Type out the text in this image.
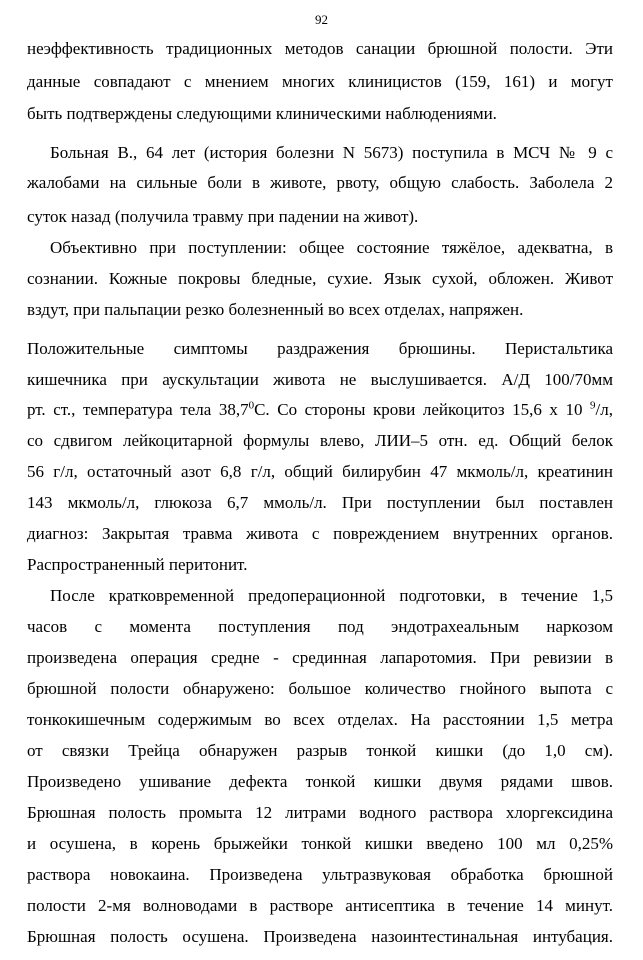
92
неэффективность традиционных методов санации брюшной полости. Эти
данные совпадают с мнением многих клиницистов (159, 161) и могут
быть подтверждены следующими клиническими наблюдениями.
Больная В., 64 лет (история болезни N 5673) поступила в МСЧ № 9 с
жалобами на сильные боли в животе, рвоту, общую слабость. Заболела 2
суток назад (получила травму при падении на живот).
Объективно при поступлении: общее состояние тяжёлое, адекватна, в
сознании. Кожные покровы бледные, сухие. Язык сухой, обложен. Живот
вздут, при пальпации резко болезненный во всех отделах, напряжен.
Положительные симптомы раздражения брюшины. Перистальтика
кишечника при аускультации живота не выслушивается. А/Д 100/70мм
рт. ст., температура тела 38,7$^0$С. Со стороны крови лейкоцитоз 15,6 х 10 $^9$/л,
со сдвигом лейкоцитарной формулы влево, ЛИИ–5 отн. ед. Общий белок
56 г/л, остаточный азот 6,8 г/л, общий билирубин 47 мкмоль/л, креатинин
143 мкмоль/л, глюкоза 6,7 ммоль/л. При поступлении был поставлен
диагноз: Закрытая травма живота с повреждением внутренних органов.
Распространенный перитонит.
После кратковременной предоперационной подготовки, в течение 1,5
часов с момента поступления под эндотрахеальным наркозом
произведена операция средне - срединная лапаротомия. При ревизии в
брюшной полости обнаружено: большое количество гнойного выпота с
тонкокишечным содержимым во всех отделах. На расстоянии 1,5 метра
от связки Трейца обнаружен разрыв тонкой кишки (до 1,0 см).
Произведено ушивание дефекта тонкой кишки двумя рядами швов.
Брюшная полость промыта 12 литрами водного раствора хлоргексидина
и осушена, в корень брыжейки тонкой кишки введено 100 мл 0,25%
раствора новокаина. Произведена ультразвуковая обработка брюшной
полости 2-мя волноводами в растворе антисептика в течение 14 минут.
Брюшная полость осушена. Произведена назоинтестинальная интубация.
